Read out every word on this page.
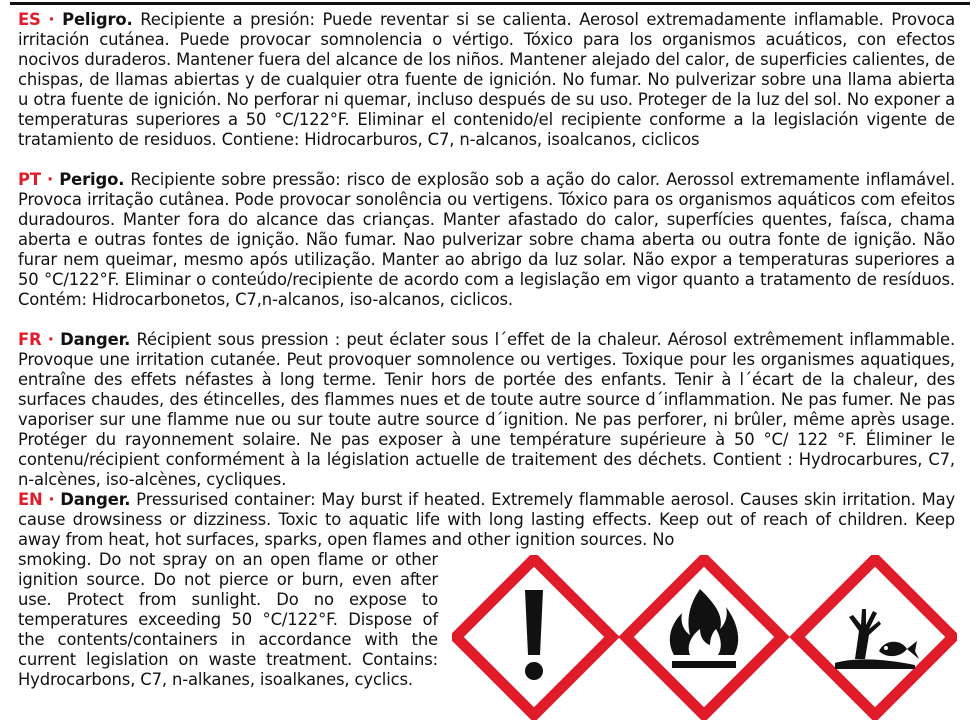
ES · Peligro. Recipiente a presión: Puede reventar si se calienta. Aerosol extremadamente inflamable. Provoca irritación cutánea. Puede provocar somnolencia o vértigo. Tóxico para los organismos acuáticos, con efectos nocivos duraderos. Mantener fuera del alcance de los niños. Mantener alejado del calor, de superficies calientes, de chispas, de llamas abiertas y de cualquier otra fuente de ignición. No fumar. No pulverizar sobre una llama abierta u otra fuente de ignición. No perforar ni quemar, incluso después de su uso. Proteger de la luz del sol. No exponer a temperaturas superiores a 50 °C/122°F. Eliminar el contenido/el recipiente conforme a la legislación vigente de tratamiento de residuos. Contiene: Hidrocarburos, C7, n-alcanos, isoalcanos, ciclicos
PT · Perigo. Recipiente sobre pressão: risco de explosão sob a ação do calor. Aerossol extremamente inflamável. Provoca irritação cutânea. Pode provocar sonolência ou vertigens. Tóxico para os organismos aquáticos com efeitos duradouros. Manter fora do alcance das crianças. Manter afastado do calor, superfícies quentes, faísca, chama aberta e outras fontes de ignição. Não fumar. Nao pulverizar sobre chama aberta ou outra fonte de ignição. Não furar nem queimar, mesmo após utilização. Manter ao abrigo da luz solar. Não expor a temperaturas superiores a 50 °C/122°F. Eliminar o conteúdo/recipiente de acordo com a legislação em vigor quanto a tratamento de resíduos. Contém: Hidrocarbonetos, C7,n-alcanos, iso-alcanos, ciclicos.
FR · Danger. Récipient sous pression : peut éclater sous l´effet de la chaleur. Aérosol extrêmement inflammable. Provoque une irritation cutanée. Peut provoquer somnolence ou vertiges. Toxique pour les organismes aquatiques, entraîne des effets néfastes à long terme. Tenir hors de portée des enfants. Tenir à l´écart de la chaleur, des surfaces chaudes, des étincelles, des flammes nues et de toute autre source d´inflammation. Ne pas fumer. Ne pas vaporiser sur une flamme nue ou sur toute autre source d´ignition. Ne pas perforer, ni brûler, même après usage. Protéger du rayonnement solaire. Ne pas exposer à une température supérieure à 50 °C/ 122 °F. Éliminer le contenu/récipient conformément à la législation actuelle de traitement des déchets. Contient : Hydrocarbures, C7, n-alcènes, iso-alcènes, cycliques.
EN · Danger. Pressurised container: May burst if heated. Extremely flammable aerosol. Causes skin irritation. May cause drowsiness or dizziness. Toxic to aquatic life with long lasting effects. Keep out of reach of children. Keep away from heat, hot surfaces, sparks, open flames and other ignition sources. No
smoking. Do not spray on an open flame or other ignition source. Do not pierce or burn, even after use. Protect from sunlight. Do no expose to temperatures exceeding 50 °C/122°F. Dispose of the contents/containers in accordance with the current legislation on waste treatment. Contains: Hydrocarbons, C7, n-alkanes, isoalkanes, cyclics.
